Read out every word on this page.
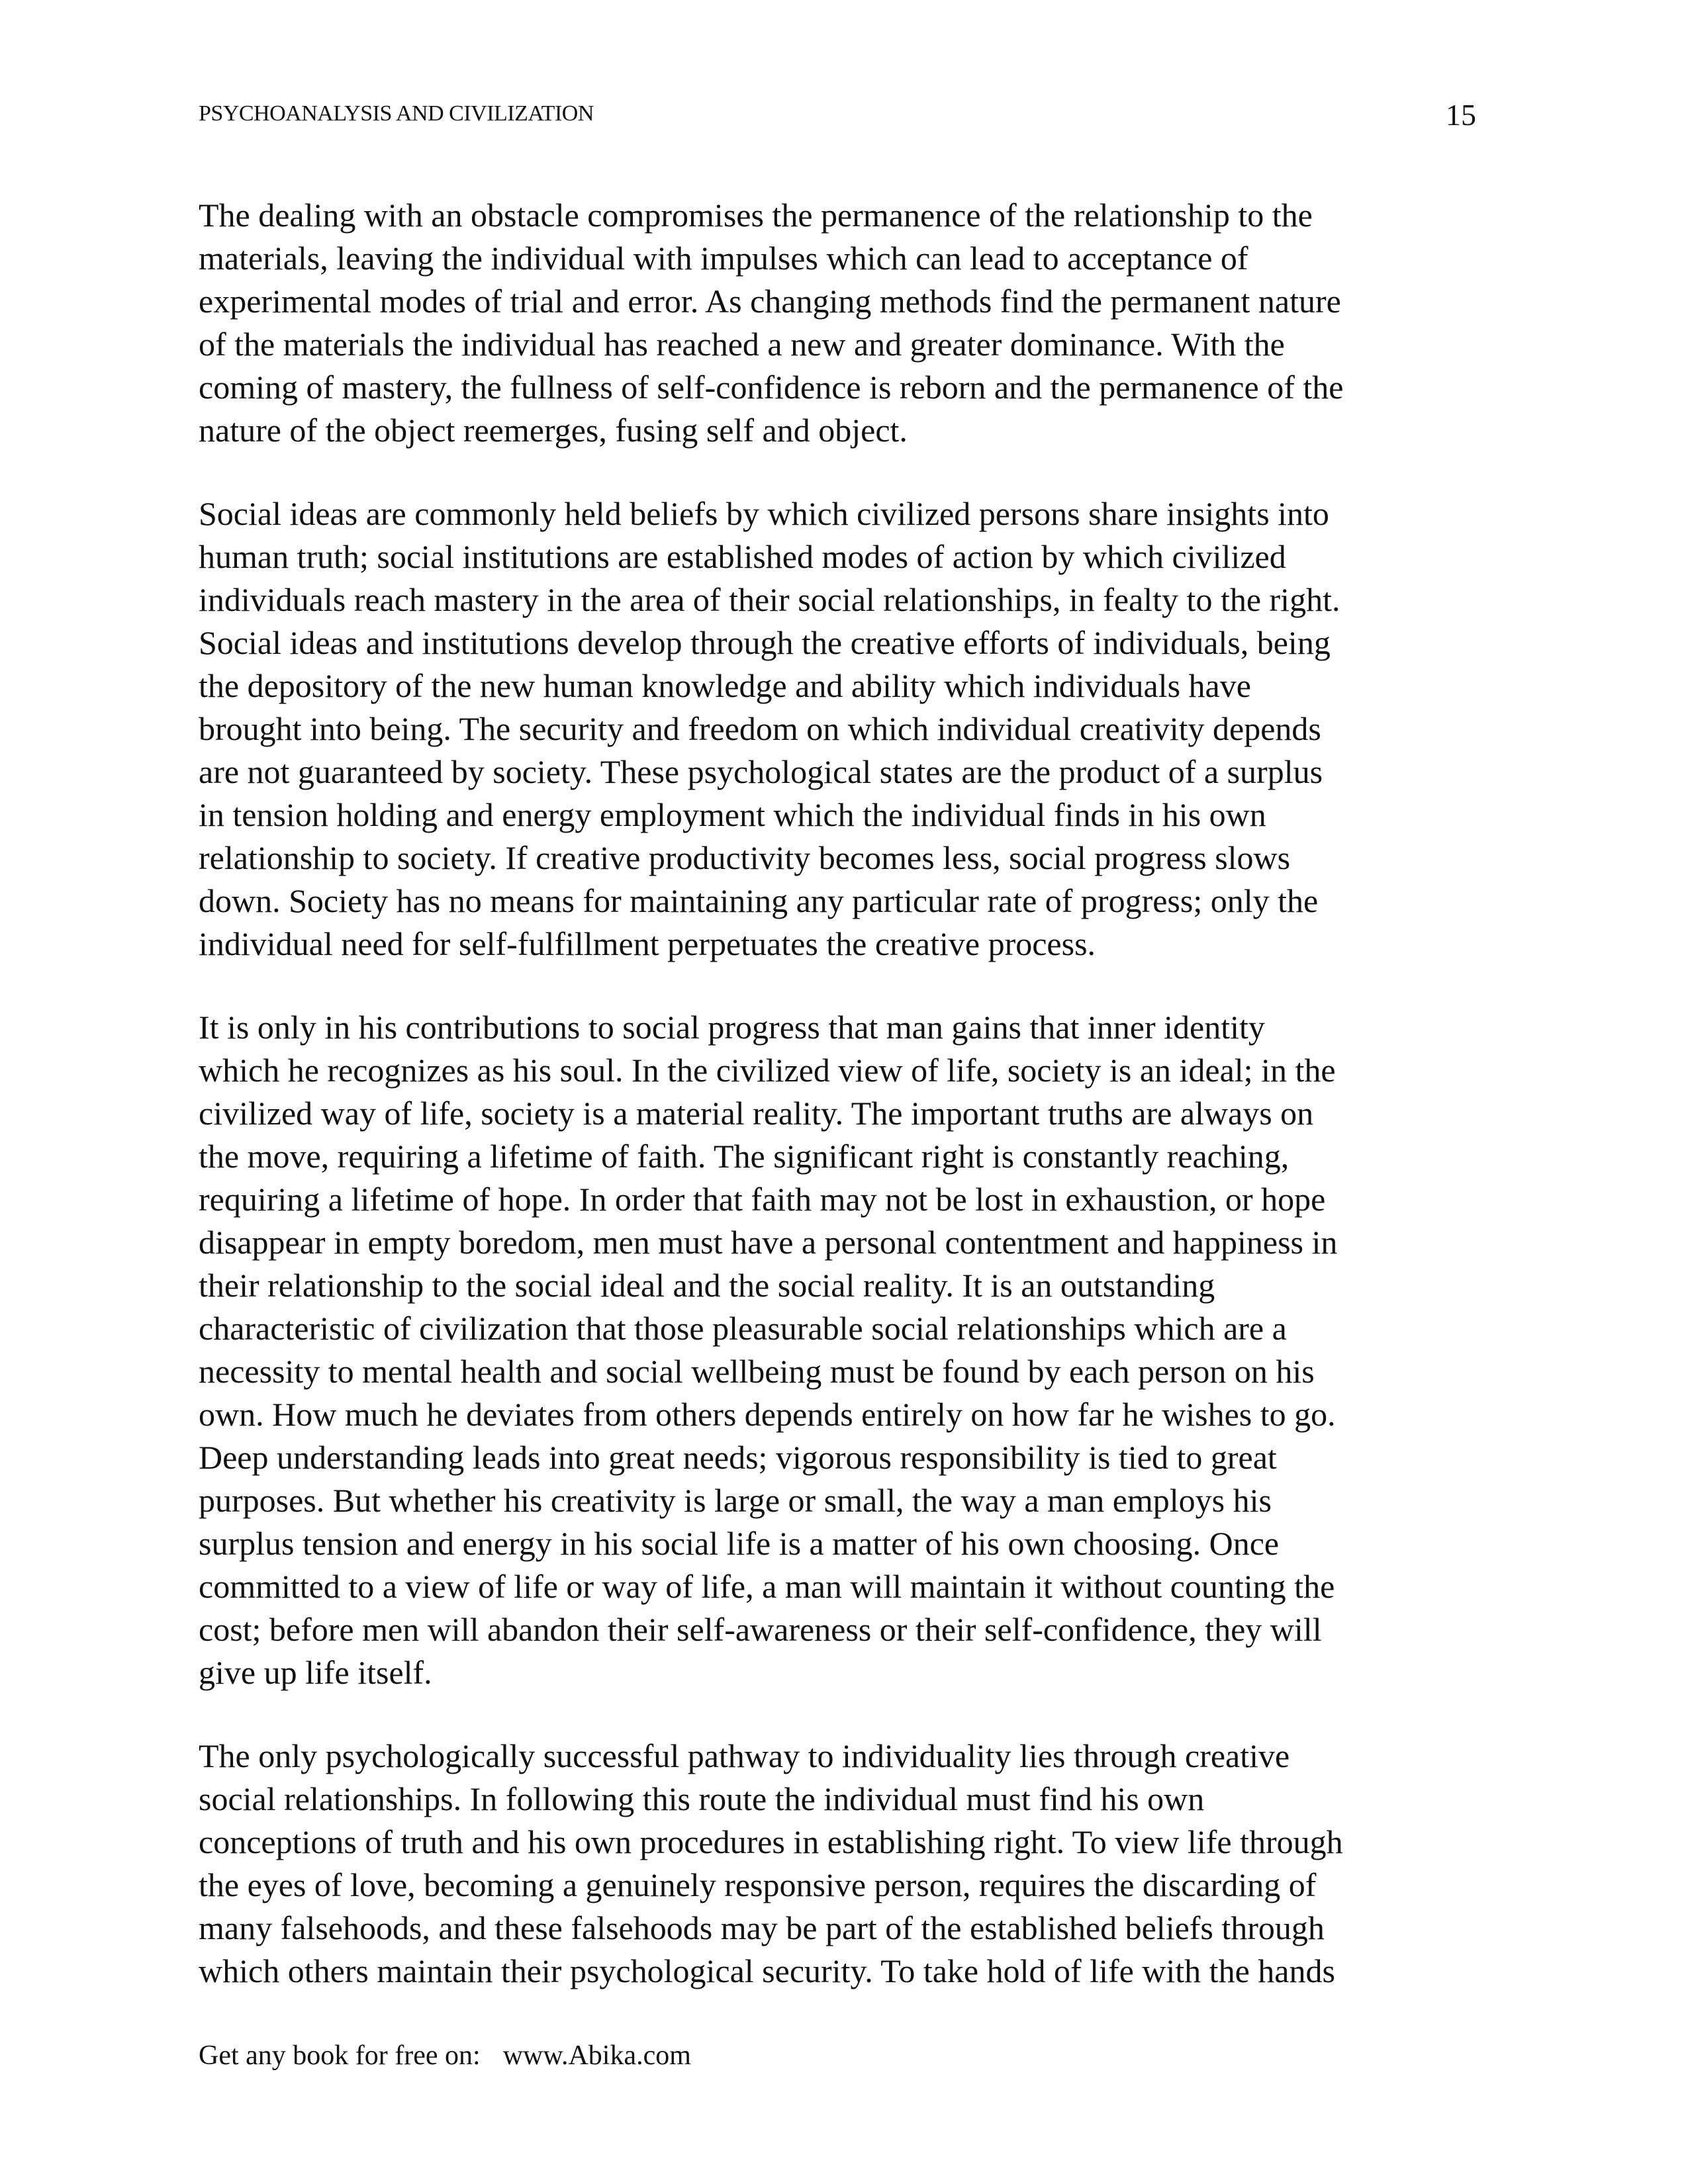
PSYCHOANALYSIS AND CIVILIZATION	15

The dealing with an obstacle compromises the permanence of the relationship to the
materials, leaving the individual with impulses which can lead to acceptance of
experimental modes of trial and error. As changing methods find the permanent nature
of the materials the individual has reached a new and greater dominance. With the
coming of mastery, the fullness of self-confidence is reborn and the permanence of the
nature of the object reemerges, fusing self and object.

Social ideas are commonly held beliefs by which civilized persons share insights into
human truth; social institutions are established modes of action by which civilized
individuals reach mastery in the area of their social relationships, in fealty to the right.
Social ideas and institutions develop through the creative efforts of individuals, being
the depository of the new human knowledge and ability which individuals have
brought into being. The security and freedom on which individual creativity depends
are not guaranteed by society. These psychological states are the product of a surplus
in tension holding and energy employment which the individual finds in his own
relationship to society. If creative productivity becomes less, social progress slows
down. Society has no means for maintaining any particular rate of progress; only the
individual need for self-fulfillment perpetuates the creative process.

It is only in his contributions to social progress that man gains that inner identity
which he recognizes as his soul. In the civilized view of life, society is an ideal; in the
civilized way of life, society is a material reality. The important truths are always on
the move, requiring a lifetime of faith. The significant right is constantly reaching,
requiring a lifetime of hope. In order that faith may not be lost in exhaustion, or hope
disappear in empty boredom, men must have a personal contentment and happiness in
their relationship to the social ideal and the social reality. It is an outstanding
characteristic of civilization that those pleasurable social relationships which are a
necessity to mental health and social wellbeing must be found by each person on his
own. How much he deviates from others depends entirely on how far he wishes to go.
Deep understanding leads into great needs; vigorous responsibility is tied to great
purposes. But whether his creativity is large or small, the way a man employs his
surplus tension and energy in his social life is a matter of his own choosing. Once
committed to a view of life or way of life, a man will maintain it without counting the
cost; before men will abandon their self-awareness or their self-confidence, they will
give up life itself.

The only psychologically successful pathway to individuality lies through creative
social relationships. In following this route the individual must find his own
conceptions of truth and his own procedures in establishing right. To view life through
the eyes of love, becoming a genuinely responsive person, requires the discarding of
many falsehoods, and these falsehoods may be part of the established beliefs through
which others maintain their psychological security. To take hold of life with the hands

Get any book for free on: www.Abika.com
